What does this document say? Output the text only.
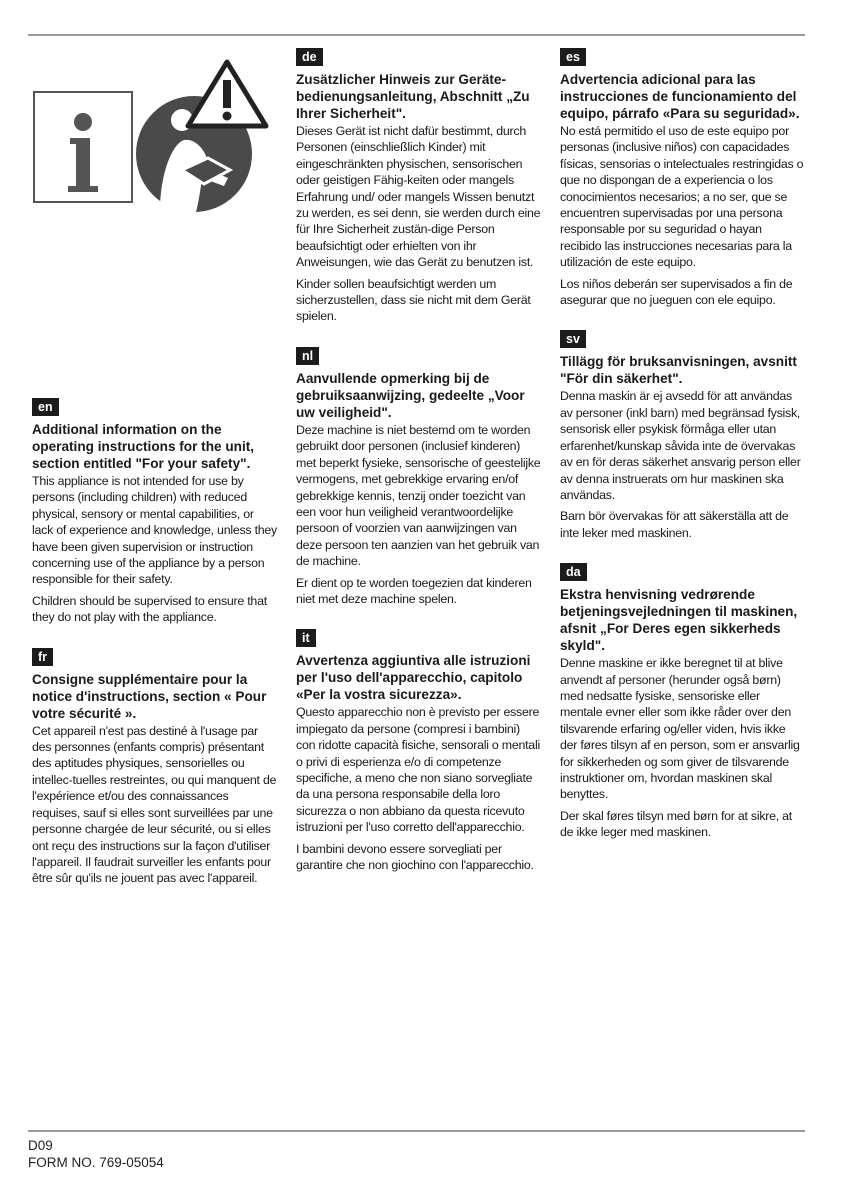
en

Additional information on the operating instructions for the unit, section entitled "For your safety".

This appliance is not intended for use by persons (including children) with reduced physical, sensory or mental capabilities, or lack of experience and knowledge, unless they have been given supervision or instruction concerning use of the appliance by a person responsible for their safety.

Children should be supervised to ensure that they do not play with the appliance.

fr

Consigne supplémentaire pour la notice d'instructions, section « Pour votre sécurité ».

Cet appareil n'est pas destiné à l'usage par des personnes (enfants compris) présentant des aptitudes physiques, sensorielles ou intellec-tuelles restreintes, ou qui manquent de l'expérience et/ou des connaissances requises, sauf si elles sont surveillées par une personne chargée de leur sécurité, ou si elles ont reçu des instructions sur la façon d'utiliser l'appareil. Il faudrait surveiller les enfants pour être sûr qu'ils ne jouent pas avec l'appareil.

de

Zusätzlicher Hinweis zur Geräte-bedienungsanleitung, Abschnitt „Zu Ihrer Sicherheit".

Dieses Gerät ist nicht dafür bestimmt, durch Personen (einschließlich Kinder) mit eingeschränkten physischen, sensorischen oder geistigen Fähig-keiten oder mangels Erfahrung und/ oder mangels Wissen benutzt zu werden, es sei denn, sie werden durch eine für Ihre Sicherheit zustän-dige Person beaufsichtigt oder erhielten von ihr Anweisungen, wie das Gerät zu benutzen ist.

Kinder sollen beaufsichtigt werden um sicherzustellen, dass sie nicht mit dem Gerät spielen.

nl

Aanvullende opmerking bij de gebruiksaanwijzing, gedeelte „Voor uw veiligheid".

Deze machine is niet bestemd om te worden gebruikt door personen (inclusief kinderen) met beperkt fysieke, sensorische of geestelijke vermogens, met gebrekkige ervaring en/of gebrekkige kennis, tenzij onder toezicht van een voor hun veiligheid verantwoordelijke persoon of voorzien van aanwijzingen van deze persoon ten aanzien van het gebruik van de machine.

Er dient op te worden toegezien dat kinderen niet met deze machine spelen.

it

Avvertenza aggiuntiva alle istruzioni per l'uso dell'apparecchio, capitolo «Per la vostra sicurezza».

Questo apparecchio non è previsto per essere impiegato da persone (compresi i bambini) con ridotte capacità fisiche, sensorali o mentali o privi di esperienza e/o di competenze specifiche, a meno che non siano sorvegliate da una persona responsabile della loro sicurezza o non abbiano da questa ricevuto istruzioni per l'uso corretto dell'apparecchio.

I bambini devono essere sorvegliati per garantire che non giochino con l'apparecchio.

es

Advertencia adicional para las instrucciones de funcionamiento del equipo, párrafo «Para su seguridad».

No está permitido el uso de este equipo por personas (inclusive niños) con capacidades físicas, sensorias o intelectuales restringidas o que no dispongan de a experiencia o los conocimientos necesarios; a no ser, que se encuentren supervisadas por una persona responsable por su seguridad o hayan recibido las instrucciones necesarias para la utilización de este equipo.

Los niños deberán ser supervisados a fin de asegurar que no jueguen con ele equipo.

sv

Tillägg för bruksanvisningen, avsnitt "För din säkerhet".

Denna maskin är ej avsedd för att användas av personer (inkl barn) med begränsad fysisk, sensorisk eller psykisk förmåga eller utan erfarenhet/kunskap såvida inte de övervakas av en för deras säkerhet ansvarig person eller av denna instruerats om hur maskinen ska användas.

Barn bör övervakas för att säkerställa att de inte leker med maskinen.

da

Ekstra henvisning vedrørende betjeningsvejledningen til maskinen, afsnit „For Deres egen sikkerheds skyld".

Denne maskine er ikke beregnet til at blive anvendt af personer (herunder også børn) med nedsatte fysiske, sensoriske eller mentale evner eller som ikke råder over den tilsvarende erfaring og/eller viden, hvis ikke der føres tilsyn af en person, som er ansvarlig for sikkerheden og som giver de tilsvarende instruktioner om, hvordan maskinen skal benyttes.

Der skal føres tilsyn med børn for at sikre, at de ikke leger med maskinen.

D09
FORM NO. 769-05054
